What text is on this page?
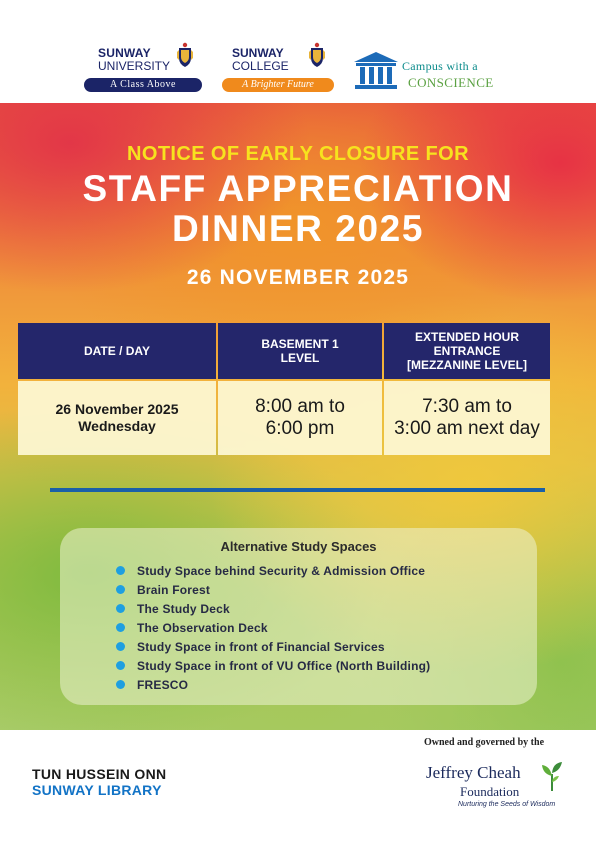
SUNWAY
UNIVERSITY
A Class Above
SUNWAY
COLLEGE
A Brighter Future
Campus with a
CONSCIENCE
NOTICE OF EARLY CLOSURE FOR
STAFF APPRECIATION
DINNER 2025
26 NOVEMBER 2025
DATE / DAY	BASEMENT 1
LEVEL
EXTENDED HOUR
ENTRANCE
[MEZZANINE LEVEL]
26 November 2025
Wednesday
8:00 am to
6:00 pm
7:30 am to
3:00 am next day
Alternative Study Spaces
Study Space behind Security & Admission Office
Brain Forest
The Study Deck
The Observation Deck
Study Space in front of Financial Services
Study Space in front of VU Office (North Building)
FRESCO
Owned and governed by the
TUN HUSSEIN ONN
SUNWAY LIBRARY
Jeffrey Cheah
Foundation
Nurturing the Seeds of Wisdom
